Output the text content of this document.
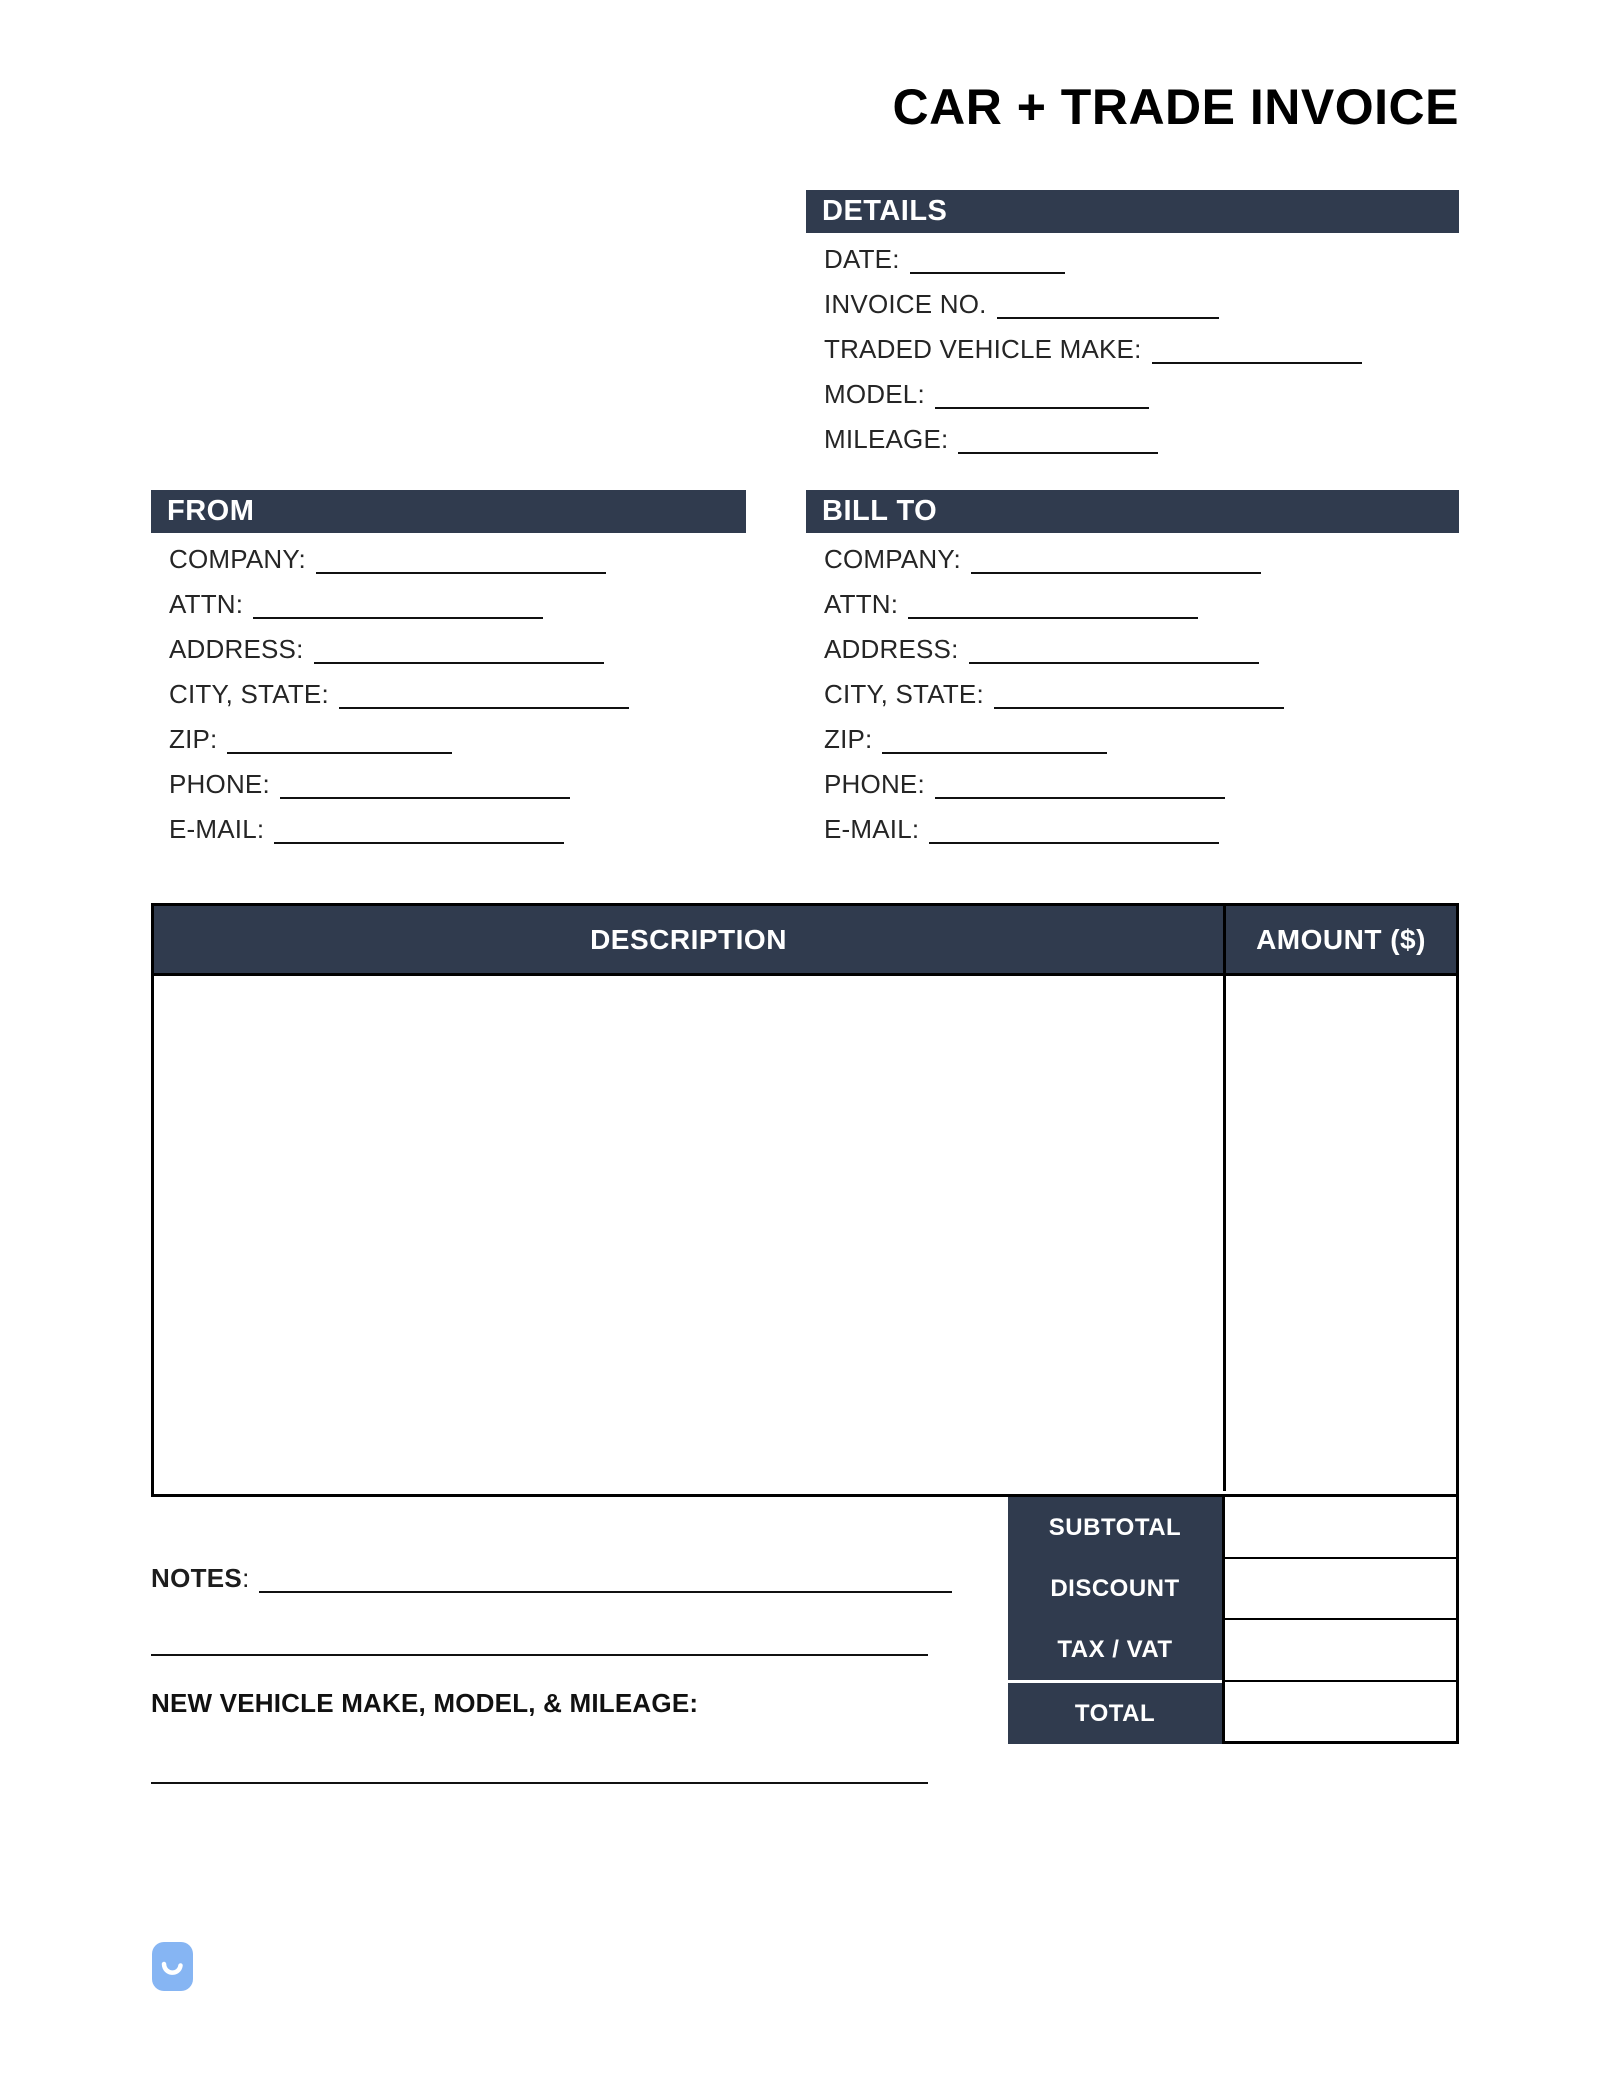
CAR + TRADE INVOICE
DETAILS
DATE:
INVOICE NO.
TRADED VEHICLE MAKE:
MODEL:
MILEAGE:
FROM
COMPANY:
ATTN:
ADDRESS:
CITY, STATE:
ZIP:
PHONE:
E-MAIL:
BILL TO
COMPANY:
ATTN:
ADDRESS:
CITY, STATE:
ZIP:
PHONE:
E-MAIL:
DESCRIPTION	AMOUNT ($)
SUBTOTAL
DISCOUNT
TAX / VAT
TOTAL
NOTES:
NEW VEHICLE MAKE, MODEL, & MILEAGE:
